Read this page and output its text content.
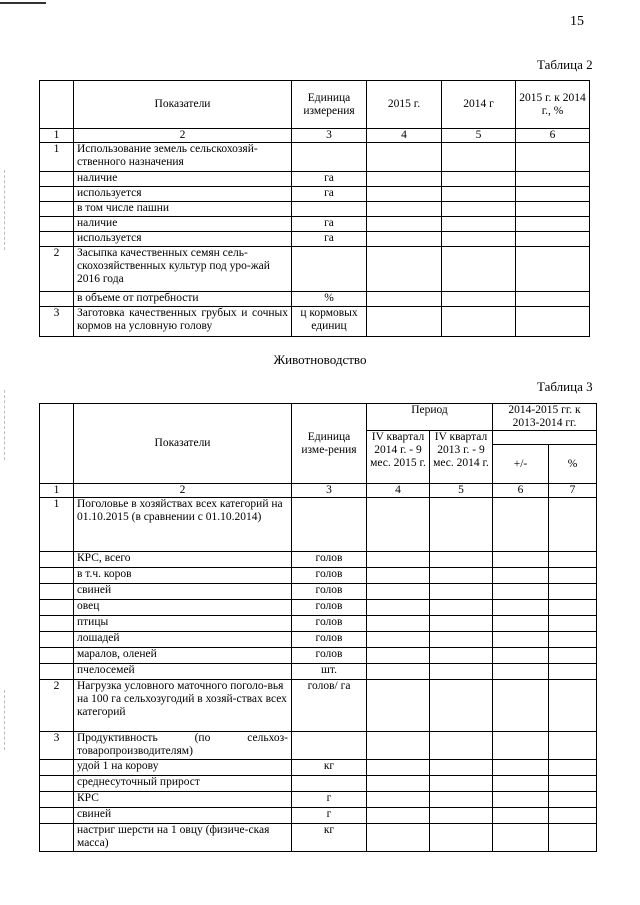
15
Таблица 2
	Показатели	Единица измерения	2015 г.	2014 г	2015 г. к 2014 г., %
1	2	3	4	5	6
1	Использование земель сельскохозяй-ственного назначения				
	наличие	га			
	используется	га			
	в том числе пашни				
	наличие	га			
	используется	га			
2	Засыпка качественных семян сель-скохозяйственных культур под уро-жай 2016 года				
	в объеме от потребности	%			
3	Заготовка качественных грубых и сочных кормов на условную голову	ц кормовых единиц			
Животноводство
Таблица 3
	Показатели	Единица изме-рения	Период		2014-2015 гг. к 2013-2014 гг.	
			IV квартал 2014 г. - 9 мес. 2015 г.	IV квартал 2013 г. - 9 мес. 2014 г.		
					+/-	%
1	2	3	4	5	6	7
1	Поголовье в хозяйствах всех категорий на 01.10.2015 (в сравнении с 01.10.2014)					
	КРС, всего	голов				
	в т.ч. коров	голов				
	свиней	голов				
	овец	голов				
	птицы	голов				
	лошадей	голов				
	маралов, оленей	голов				
	пчелосемей	шт.				
2	Нагрузка условного маточного поголо-вья на 100 га сельхозугодий в хозяй-ствах всех категорий	голов/ га				
3	Продуктивность (по сельхоз-товаропроизводителям)					
	удой 1 на корову	кг				
	среднесуточный прирост					
	КРС	г				
	свиней	г				
	настриг шерсти на 1 овцу (физиче-ская масса)	кг				
